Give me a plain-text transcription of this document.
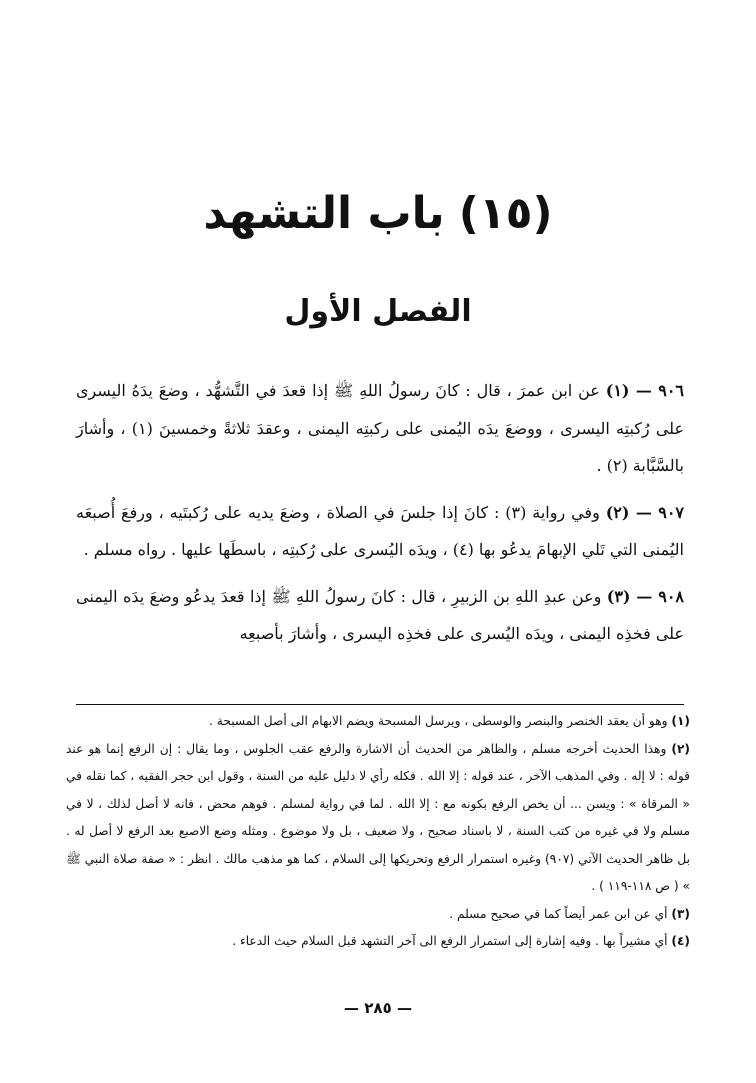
(١٥)باب التشهد
الفصل الأول

٩٠٦ — (١) عن ابن عمرَ ، قال : كانَ رسولُ اللهِ ﷺ إذا قعدَ في التَّشهُّد ، وضعَ يدَهُ اليسرى على رُكبتِه اليسرى ، ووضعَ يدَه اليُمنى على ركبتِه اليمنى ، وعقدَ ثلاثةً وخمسينَ (١) ، وأشارَ بالسَّبَّابة (٢) .

٩٠٧ — (٢) وفي رواية (٣) : كانَ إذا جلسَ في الصلاة ، وضعَ يديه على رُكبتَيه ، ورفعَ أُصبعَه اليُمنى التي تَلي الإبهامَ يدعُو بها (٤) ، ويدَه اليُسرى على رُكبتِه ، باسطَها عليها . رواه مسلم .

٩٠٨ — (٣) وعن عبدِ اللهِ بن الزبيرِ ، قال : كانَ رسولُ اللهِ ﷺ إذا قعدَ يدعُو وضعَ يدَه اليمنى على فخذِه اليمنى ، ويدَه اليُسرى على فخذِه اليسرى ، وأشارَ بأصبعِه

(١) وهو أن يعقد الخنصر والبنصر والوسطى ، ويرسل المسبحة ويضم الابهام الى أصل المسبحة .

(٢) وهذا الحديث أخرجه مسلم ، والظاهر من الحديث أن الاشارة والرفع عقب الجلوس ، وما يقال : إن الرفع إنما هو عند قوله : لا إله . وفي المذهب الآخر ، عند قوله : إلا الله . فكله رأي لا دليل عليه من السنة ، وقول ابن حجر الفقيه ، كما نقله في « المرقاة » : ويسن ... أن يخص الرفع بكونه مع : إلا الله . لما في رواية لمسلم . فوهم محض ، فانه لا أصل لذلك ، لا في مسلم ولا في غيره من كتب السنة ، لا باسناد صحيح ، ولا ضعيف ، بل ولا موضوع . ومثله وضع الاصبع بعد الرفع لا أصل له . بل ظاهر الحديث الآتي (٩٠٧) وغيره استمرار الرفع وتحريكها إلى السلام ، كما هو مذهب مالك . انظر : « صفة صلاة النبي ﷺ » ( ص ١١٨-١١٩ ) .

(٣) أي عن ابن عمر أيضاً كما في صحيح مسلم .

(٤) أي مشيراً بها . وفيه إشارة إلى استمرار الرفع الى آخر التشهد قبل السلام حيث الدعاء .

— ٢٨٥ —
